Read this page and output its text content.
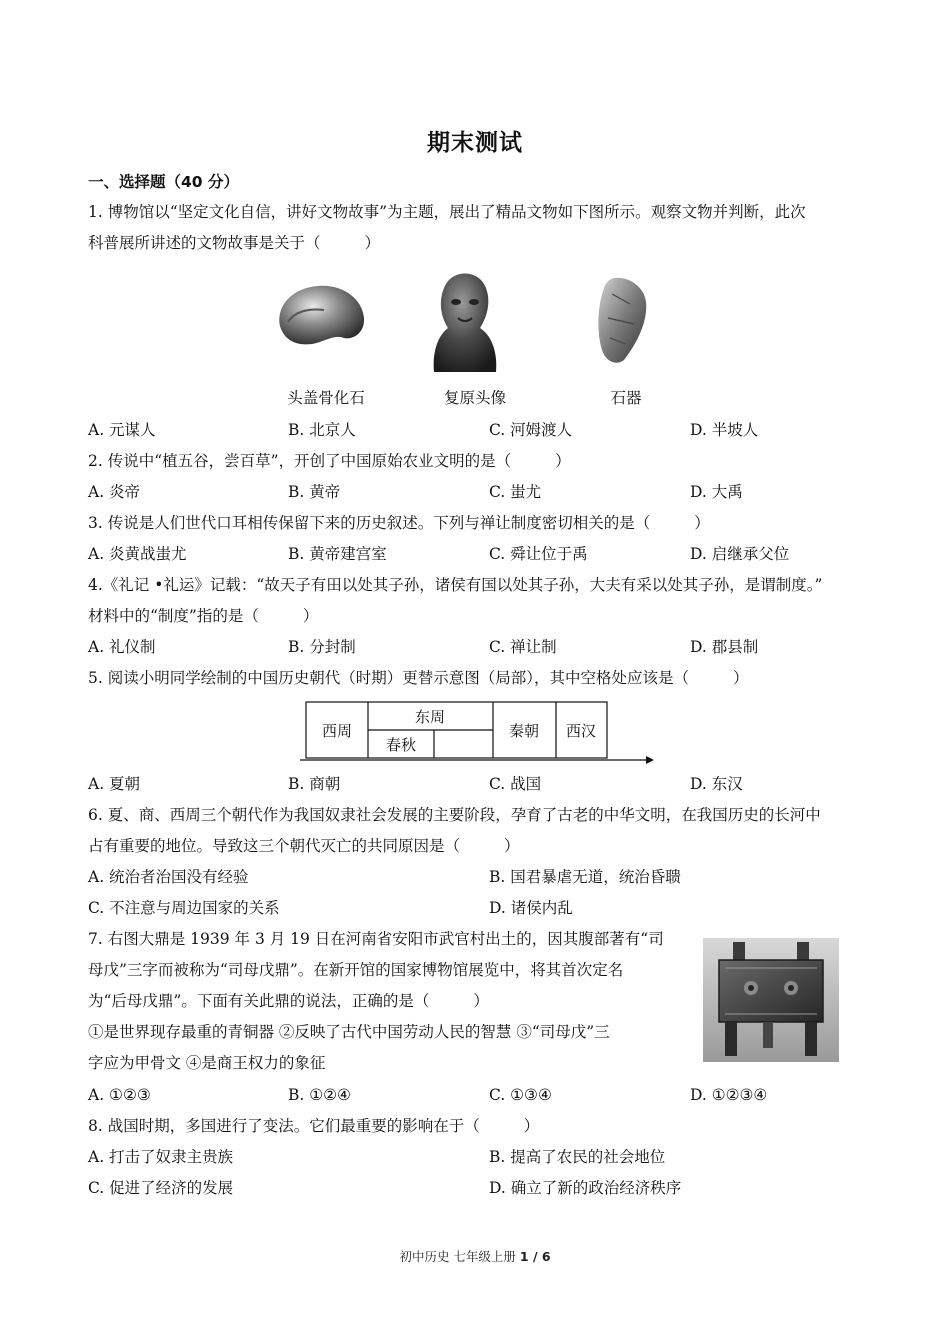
期末测试
一、选择题（40 分）
1. 博物馆以“坚定文化自信，讲好文物故事”为主题，展出了精品文物如下图所示。观察文物并判断，此次
科普展所讲述的文物故事是关于（	）
头盖骨化石	复原头像	石器
A. 元谋人	B. 北京人	C. 河姆渡人	D. 半坡人
2. 传说中“植五谷，尝百草”，开创了中国原始农业文明的是（	）
A. 炎帝	B. 黄帝	C. 蚩尤	D. 大禹
3. 传说是人们世代口耳相传保留下来的历史叙述。下列与禅让制度密切相关的是（	）
A. 炎黄战蚩尤	B. 黄帝建宫室	C. 舜让位于禹	D. 启继承父位
4.《礼记 •礼运》记载：“故天子有田以处其子孙，诸侯有国以处其子孙，大夫有采以处其子孙，是谓制度。”
材料中的“制度”指的是（	）
A. 礼仪制	B. 分封制	C. 禅让制	D. 郡县制
5. 阅读小明同学绘制的中国历史朝代（时期）更替示意图（局部），其中空格处应该是（	）
西周
东周
春秋
秦朝 西汉
A. 夏朝	B. 商朝	C. 战国	D. 东汉
6. 夏、商、西周三个朝代作为我国奴隶社会发展的主要阶段，孕育了古老的中华文明，在我国历史的长河中
占有重要的地位。导致这三个朝代灭亡的共同原因是（	）
A. 统治者治国没有经验	B. 国君暴虐无道，统治昏聩
C. 不注意与周边国家的关系	D. 诸侯内乱
7. 右图大鼎是 1939 年 3 月 19 日在河南省安阳市武官村出土的，因其腹部著有“司
母戊”三字而被称为“司母戊鼎”。在新开馆的国家博物馆展览中，将其首次定名
为“后母戊鼎”。下面有关此鼎的说法，正确的是（	）
①是世界现存最重的青铜器 ②反映了古代中国劳动人民的智慧 ③“司母戊”三
字应为甲骨文 ④是商王权力的象征
A. ①②③	B. ①②④	C. ①③④	D. ①②③④
8. 战国时期，多国进行了变法。它们最重要的影响在于（	）
A. 打击了奴隶主贵族	B. 提高了农民的社会地位
C. 促进了经济的发展	D. 确立了新的政治经济秩序
初中历史 七年级上册 1 / 6
